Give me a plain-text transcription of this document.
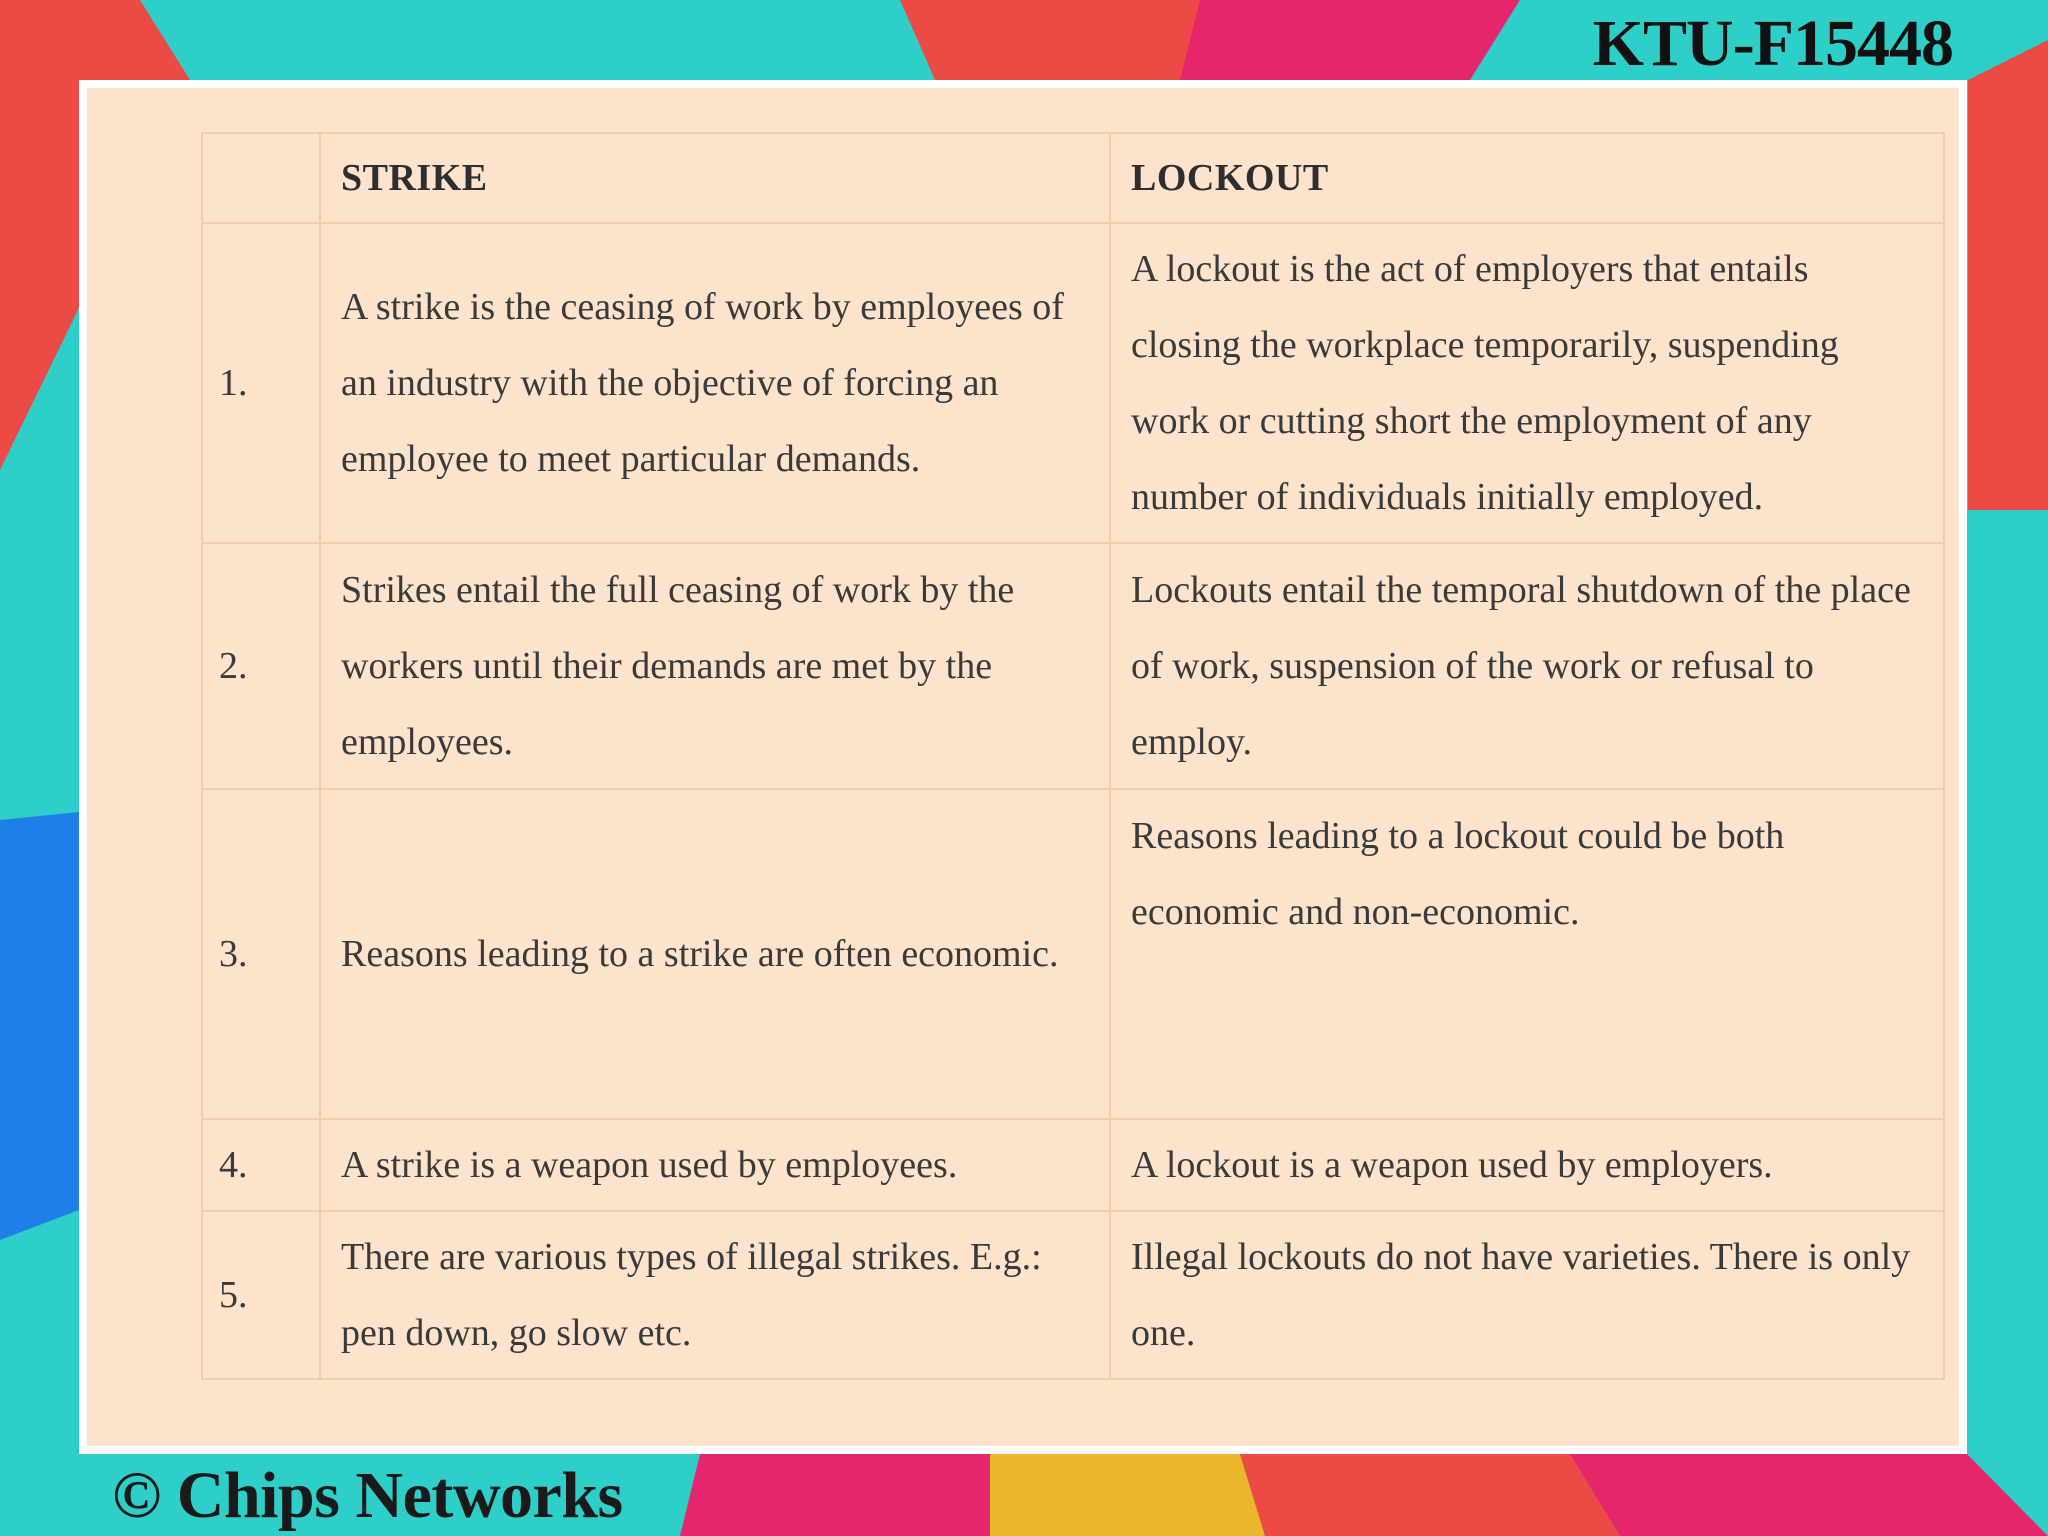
KTU-F15448
	STRIKE	LOCKOUT
1.	A strike is the ceasing of work by employees of an industry with the objective of forcing an employee to meet particular demands.	A lockout is the act of employers that entails closing the workplace temporarily, suspending work or cutting short the employment of any number of individuals initially employed.
2.	Strikes entail the full ceasing of work by the workers until their demands are met by the employees.	Lockouts entail the temporal shutdown of the place of work, suspension of the work or refusal to employ.
3.	Reasons leading to a strike are often economic.	Reasons leading to a lockout could be both economic and non-economic.
4.	A strike is a weapon used by employees.	A lockout is a weapon used by employers.
5.	There are various types of illegal strikes. E.g.: pen down, go slow etc.	Illegal lockouts do not have varieties. There is only one.
© Chips Networks
